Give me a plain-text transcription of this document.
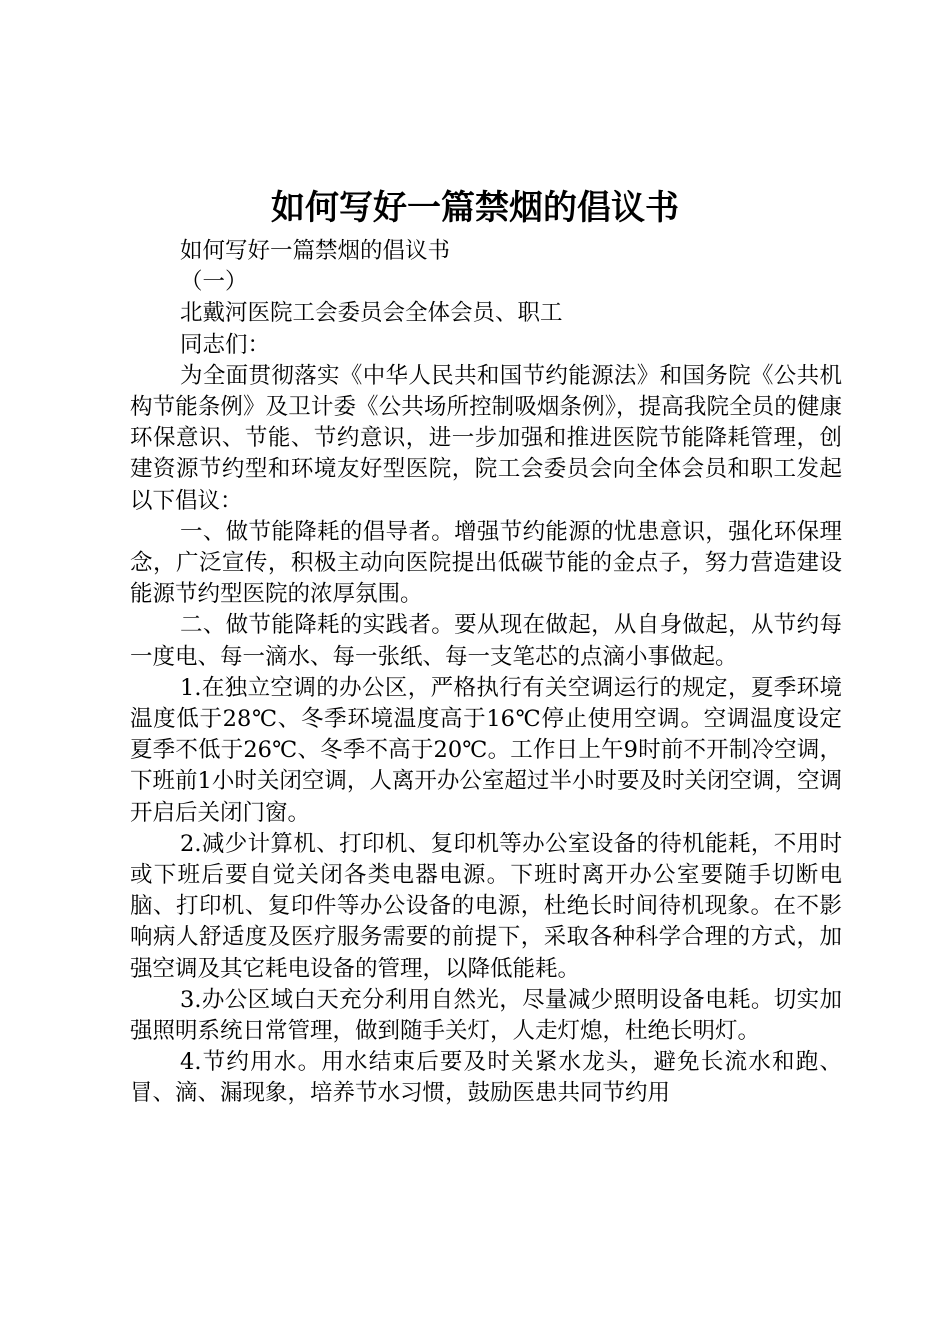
如何写好一篇禁烟的倡议书

如何写好一篇禁烟的倡议书

（一）

北戴河医院工会委员会全体会员、职工

同志们：

为全面贯彻落实《中华人民共和国节约能源法》和国务院《公共机构节能条例》及卫计委《公共场所控制吸烟条例》，提高我院全员的健康环保意识、节能、节约意识，进一步加强和推进医院节能降耗管理，创建资源节约型和环境友好型医院，院工会委员会向全体会员和职工发起以下倡议：

一、做节能降耗的倡导者。增强节约能源的忧患意识，强化环保理念，广泛宣传，积极主动向医院提出低碳节能的金点子，努力营造建设能源节约型医院的浓厚氛围。

二、做节能降耗的实践者。要从现在做起，从自身做起，从节约每一度电、每一滴水、每一张纸、每一支笔芯的点滴小事做起。

1.在独立空调的办公区，严格执行有关空调运行的规定，夏季环境温度低于28℃、冬季环境温度高于16℃停止使用空调。空调温度设定夏季不低于26℃、冬季不高于20℃。工作日上午9时前不开制冷空调，下班前1小时关闭空调，人离开办公室超过半小时要及时关闭空调，空调开启后关闭门窗。

2.减少计算机、打印机、复印机等办公室设备的待机能耗，不用时或下班后要自觉关闭各类电器电源。下班时离开办公室要随手切断电脑、打印机、复印件等办公设备的电源，杜绝长时间待机现象。在不影响病人舒适度及医疗服务需要的前提下，采取各种科学合理的方式，加强空调及其它耗电设备的管理，以降低能耗。

3.办公区域白天充分利用自然光，尽量减少照明设备电耗。切实加强照明系统日常管理，做到随手关灯，人走灯熄，杜绝长明灯。

4.节约用水。用水结束后要及时关紧水龙头，避免长流水和跑、冒、滴、漏现象，培养节水习惯，鼓励医患共同节约用
